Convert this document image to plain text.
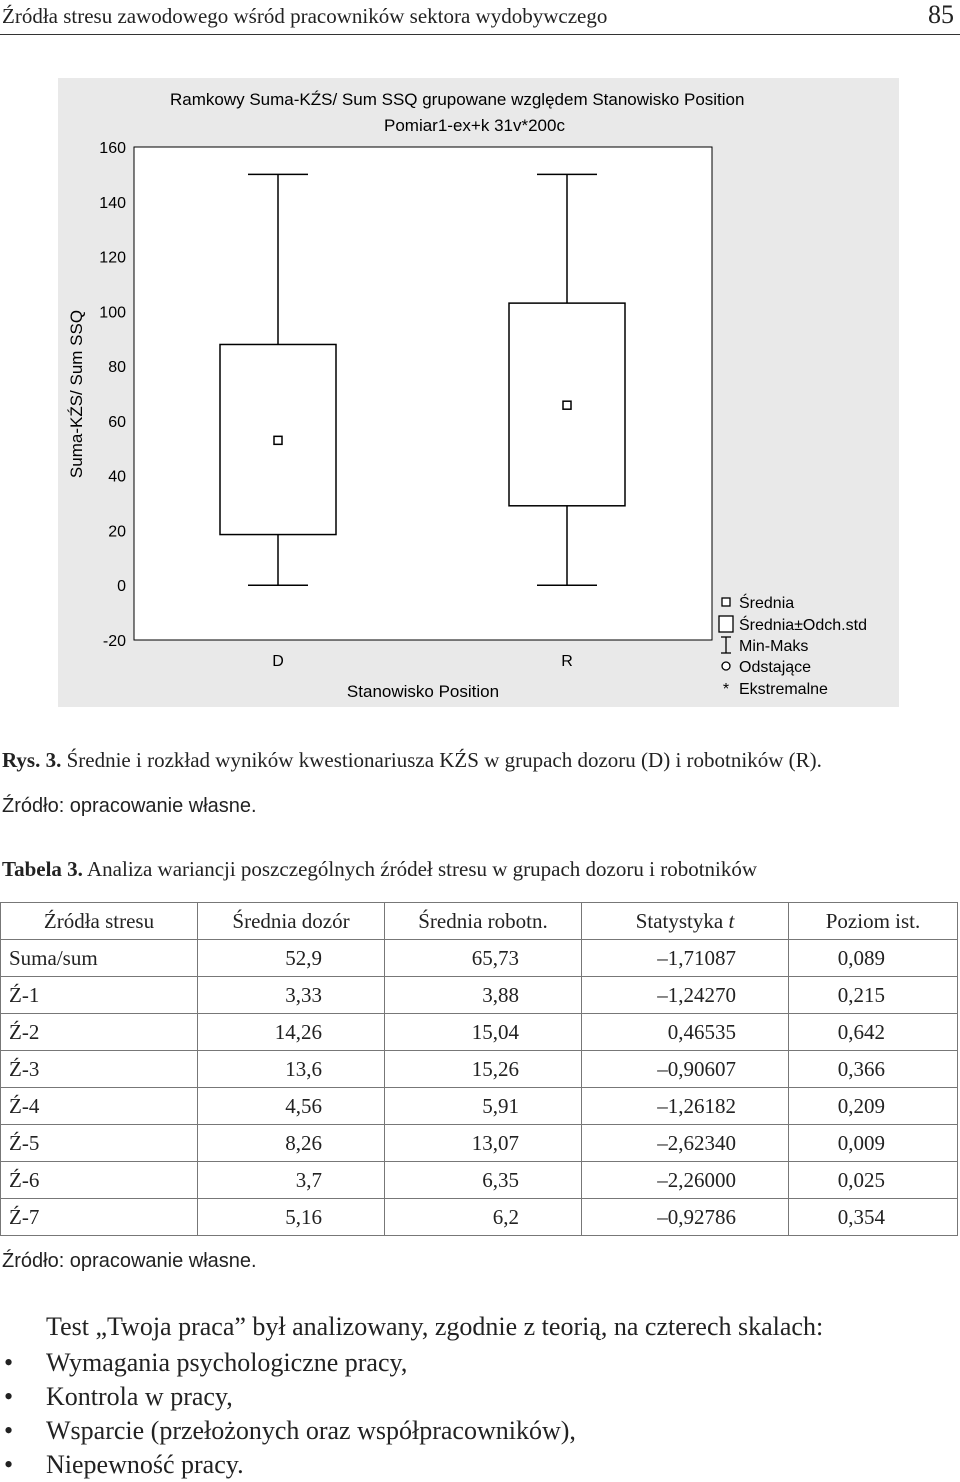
Źródła stresu zawodowego wśród pracowników sektora wydobywczego	85
Ramkowy Suma-KŹS/ Sum SSQ grupowane względem Stanowisko Position
Pomiar1-ex+k 31v*200c
160
140
120
100
80
60
40
20
0
-20
Suma-KŹS/ Sum SSQ
D	R
Stanowisko Position	*
Średnia
Średnia±Odch.std
Min-Maks
Odstające
Ekstremalne
Rys. 3. Średnie i rozkład wyników kwestionariusza KŹS w grupach dozoru (D) i robotników (R).
Źródło: opracowanie własne.
Tabela 3. Analiza wariancji poszczególnych źródeł stresu w grupach dozoru i robotników
Źródła stresu	Średnia dozór	Średnia robotn.	Statystyka t	Poziom ist.
Suma/sum	52,9	65,73	–1,71087	0,089
Ź-1	3,33	3,88	–1,24270	0,215
Ź-2	14,26	15,04	0,46535	0,642
Ź-3	13,6	15,26	–0,90607	0,366
Ź-4	4,56	5,91	–1,26182	0,209
Ź-5	8,26	13,07	–2,62340	0,009
Ź-6	3,7	6,35	–2,26000	0,025
Ź-7	5,16	6,2	–0,92786	0,354
Źródło: opracowanie własne.
Test „Twoja praca” był analizowany, zgodnie z teorią, na czterech skalach:
• Wymagania psychologiczne pracy,
• Kontrola w pracy,
• Wsparcie (przełożonych oraz współpracowników),
• Niepewność pracy.
